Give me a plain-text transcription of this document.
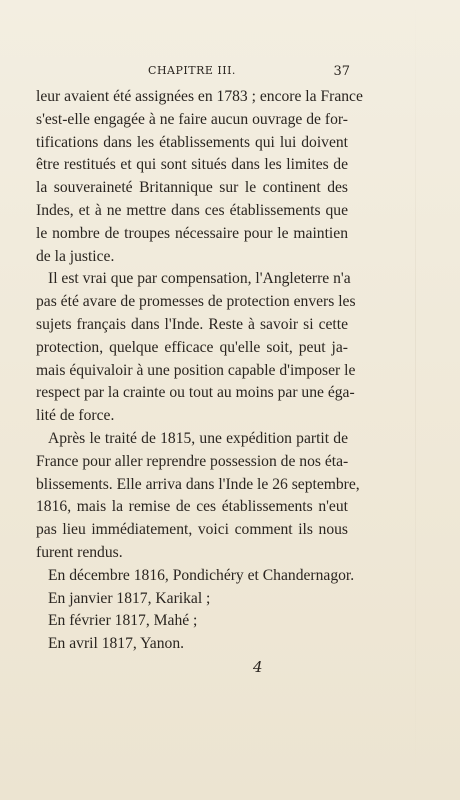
CHAPITRE III.	37
leur avaient été assignées en 1783 ; encore la France
s'est-elle engagée à ne faire aucun ouvrage de for-
tifications dans les établissements qui lui doivent
être restitués et qui sont situés dans les limites de
la souveraineté Britannique sur le continent des
Indes, et à ne mettre dans ces établissements que
le nombre de troupes nécessaire pour le maintien
de la justice.
Il est vrai que par compensation, l'Angleterre n'a
pas été avare de promesses de protection envers les
sujets français dans l'Inde. Reste à savoir si cette
protection, quelque efficace qu'elle soit, peut ja-
mais équivaloir à une position capable d'imposer le
respect par la crainte ou tout au moins par une éga-
lité de force.
Après le traité de 1815, une expédition partit de
France pour aller reprendre possession de nos éta-
blissements. Elle arriva dans l'Inde le 26 septembre,
1816, mais la remise de ces établissements n'eut
pas lieu immédiatement, voici comment ils nous
furent rendus.
En décembre 1816, Pondichéry et Chandernagor.
En janvier 1817, Karikal ;
En février 1817, Mahé ;
En avril 1817, Yanon.
4
